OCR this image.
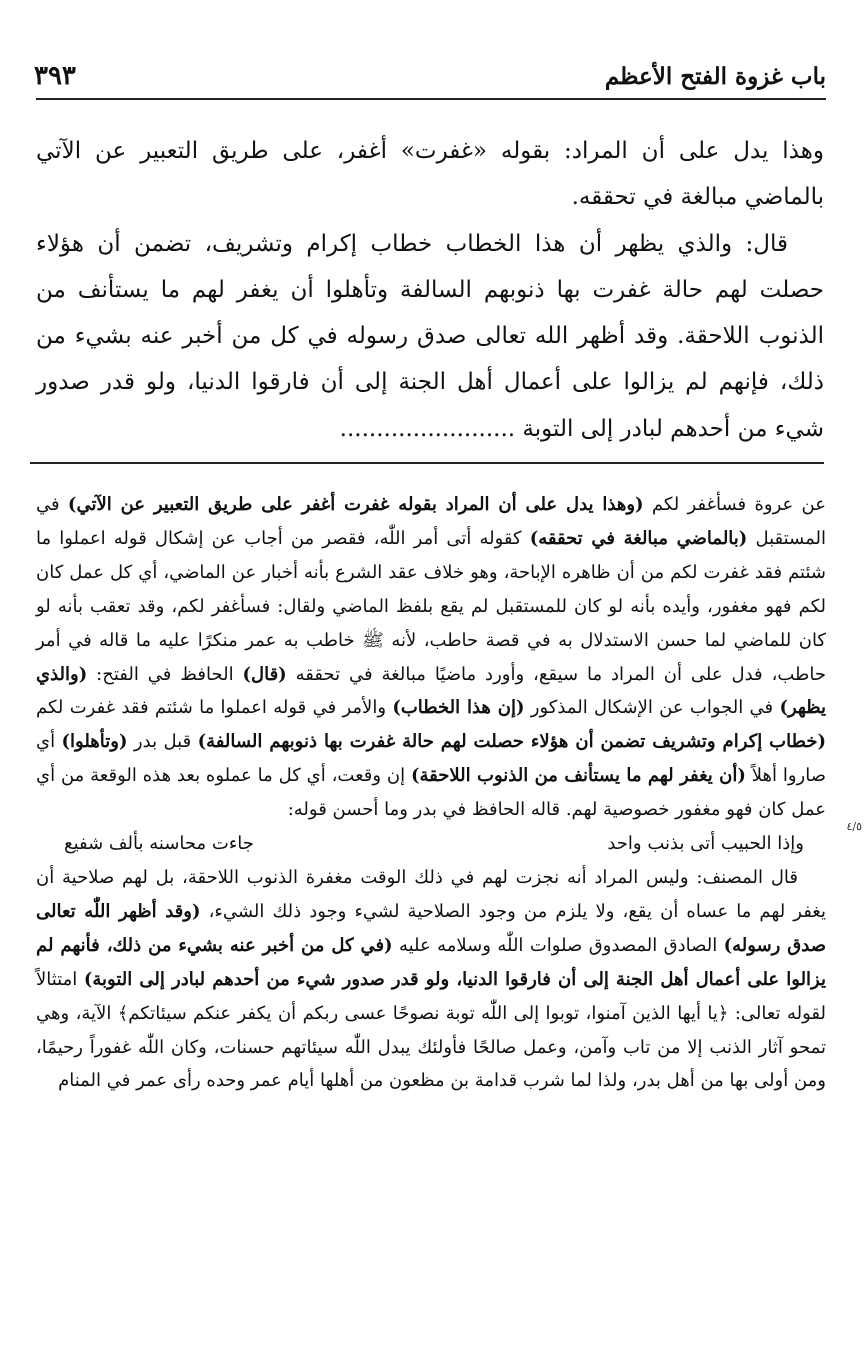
باب غزوة الفتح الأعظم
٣٩٣

وهذا يدل على أن المراد: بقوله «غفرت» أغفر، على طريق التعبير عن الآتي بالماضي مبالغة في تحققه.

قال: والذي يظهر أن هذا الخطاب خطاب إكرام وتشريف، تضمن أن هؤلاء حصلت لهم حالة غفرت بها ذنوبهم السالفة وتأهلوا أن يغفر لهم ما يستأنف من الذنوب اللاحقة. وقد أظهر الله تعالى صدق رسوله في كل من أخبر عنه بشيء من ذلك، فإنهم لم يزالوا على أعمال أهل الجنة إلى أن فارقوا الدنيا، ولو قدر صدور شيء من أحدهم لبادر إلى التوبة ........................

عن عروة فسأغفر لكم (وهذا يدل على أن المراد بقوله غفرت أغفر على طريق التعبير عن الآتي) في المستقبل (بالماضي مبالغة في تحققه) كقوله أتى أمر اللّٰه، فقصر من أجاب عن إشكال قوله اعملوا ما شئتم فقد غفرت لكم من أن ظاهره الإباحة، وهو خلاف عقد الشرع بأنه أخبار عن الماضي، أي كل عمل كان لكم فهو مغفور، وأيده بأنه لو كان للمستقبل لم يقع بلفظ الماضي ولقال: فسأغفر لكم، وقد تعقب بأنه لو كان للماضي لما حسن الاستدلال به في قصة حاطب، لأنه ﷺ خاطب به عمر منكرًا عليه ما قاله في أمر حاطب، فدل على أن المراد ما سيقع، وأورد ماضيًا مبالغة في تحققه (قال) الحافظ في الفتح: (والذي يظهر) في الجواب عن الإشكال المذكور (إن هذا الخطاب) والأمر في قوله اعملوا ما شئتم فقد غفرت لكم (خطاب إكرام وتشريف تضمن أن هؤلاء حصلت لهم حالة غفرت بها ذنوبهم السالفة) قبل بدر (وتأهلوا) أي صاروا أهلاً (أن يغفر لهم ما يستأنف من الذنوب اللاحقة) إن وقعت، أي كل ما عملوه بعد هذه الوقعة من أي عمل كان فهو مغفور خصوصية لهم. قاله الحافظ في بدر وما أحسن قوله:

وإذا الحبيب أتى بذنب واحد
جاءت محاسنه بألف شفيع

قال المصنف: وليس المراد أنه نجزت لهم في ذلك الوقت مغفرة الذنوب اللاحقة، بل لهم صلاحية أن يغفر لهم ما عساه أن يقع، ولا يلزم من وجود الصلاحية لشيء وجود ذلك الشيء، (وقد أظهر اللّٰه تعالى صدق رسوله) الصادق المصدوق صلوات اللّٰه وسلامه عليه (في كل من أخبر عنه بشيء من ذلك، فأنهم لم يزالوا على أعمال أهل الجنة إلى أن فارقوا الدنيا، ولو قدر صدور شيء من أحدهم لبادر إلى التوبة) امتثالاً لقوله تعالى: ﴿يا أيها الذين آمنوا، توبوا إلى اللّٰه توبة نصوحًا عسى ربكم أن يكفر عنكم سيئاتكم﴾ الآية، وهي تمحو آثار الذنب إلا من تاب وآمن، وعمل صالحًا فأولئك يبدل اللّٰه سيئاتهم حسنات، وكان اللّٰه غفوراً رحيمًا، ومن أولى بها من أهل بدر، ولذا لما شرب قدامة بن مظعون من أهلها أيام عمر وحده رأى عمر في المنام

٤/٥
